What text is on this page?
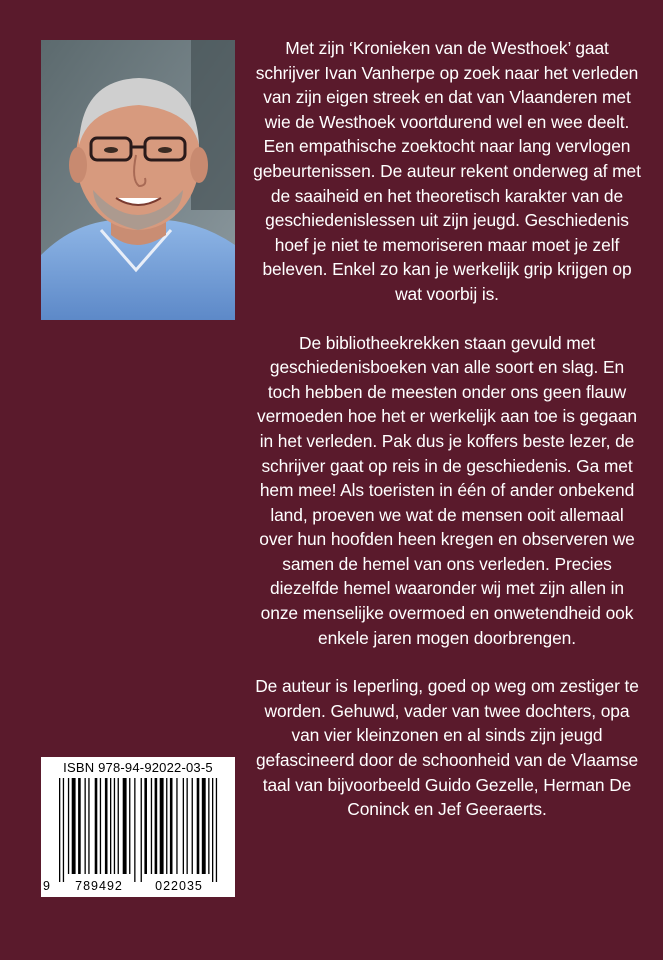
Met zijn ‘Kronieken van de Westhoek’ gaat schrijver Ivan Vanherpe op zoek naar het verleden van zijn eigen streek en dat van Vlaanderen met wie de Westhoek voortdurend wel en wee deelt. Een empathische zoektocht naar lang vervlogen gebeurtenissen. De auteur rekent onderweg af met de saaiheid en het theoretisch karakter van de geschiedenislessen uit zijn jeugd. Geschiedenis hoef je niet te memoriseren maar moet je zelf beleven. Enkel zo kan je werkelijk grip krijgen op wat voorbij is.

De bibliotheekrekken staan gevuld met geschiedenisboeken van alle soort en slag. En toch hebben de meesten onder ons geen flauw vermoeden hoe het er werkelijk aan toe is gegaan in het verleden. Pak dus je koffers beste lezer, de schrijver gaat op reis in de geschiedenis. Ga met hem mee! Als toeristen in één of ander onbekend land, proeven we wat de mensen ooit allemaal over hun hoofden heen kregen en observeren we samen de hemel van ons verleden. Precies diezelfde hemel waaronder wij met zijn allen in onze menselijke overmoed en onwetendheid ook enkele jaren mogen doorbrengen.

De auteur is Ieperling, goed op weg om zestiger te worden. Gehuwd, vader van twee dochters, opa van vier kleinzonen en al sinds zijn jeugd gefascineerd door de schoonheid van de Vlaamse taal van bijvoorbeeld Guido Gezelle, Herman De Coninck en Jef Geeraerts.

ISBN 978-94-92022-03-5
9	789492	022035
